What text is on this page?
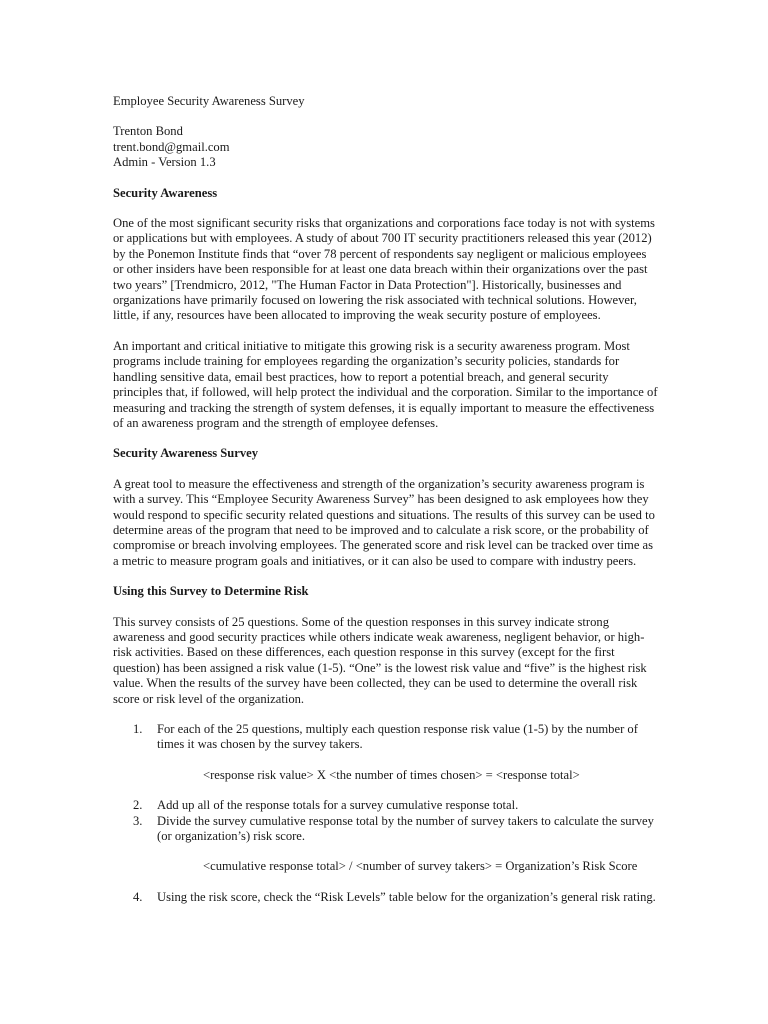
Employee Security Awareness Survey

Trenton Bond
trent.bond@gmail.com
Admin - Version 1.3

Security Awareness

One of the most significant security risks that organizations and corporations face today is not with systems or applications but with employees. A study of about 700 IT security practitioners released this year (2012) by the Ponemon Institute finds that “over 78 percent of respondents say negligent or malicious employees or other insiders have been responsible for at least one data breach within their organizations over the past two years” [Trendmicro, 2012, "The Human Factor in Data Protection"]. Historically, businesses and organizations have primarily focused on lowering the risk associated with technical solutions. However, little, if any, resources have been allocated to improving the weak security posture of employees.

An important and critical initiative to mitigate this growing risk is a security awareness program. Most programs include training for employees regarding the organization’s security policies, standards for handling sensitive data, email best practices, how to report a potential breach, and general security principles that, if followed, will help protect the individual and the corporation. Similar to the importance of measuring and tracking the strength of system defenses, it is equally important to measure the effectiveness of an awareness program and the strength of employee defenses.

Security Awareness Survey

A great tool to measure the effectiveness and strength of the organization’s security awareness program is with a survey. This “Employee Security Awareness Survey” has been designed to ask employees how they would respond to specific security related questions and situations. The results of this survey can be used to determine areas of the program that need to be improved and to calculate a risk score, or the probability of compromise or breach involving employees. The generated score and risk level can be tracked over time as a metric to measure program goals and initiatives, or it can also be used to compare with industry peers.

Using this Survey to Determine Risk

This survey consists of 25 questions. Some of the question responses in this survey indicate strong awareness and good security practices while others indicate weak awareness, negligent behavior, or high-risk activities. Based on these differences, each question response in this survey (except for the first question) has been assigned a risk value (1-5). “One” is the lowest risk value and “five” is the highest risk value. When the results of the survey have been collected, they can be used to determine the overall risk score or risk level of the organization.

1. For each of the 25 questions, multiply each question response risk value (1-5) by the number of times it was chosen by the survey takers.

<response risk value> X <the number of times chosen> = <response total>

2. Add up all of the response totals for a survey cumulative response total.
3. Divide the survey cumulative response total by the number of survey takers to calculate the survey (or organization’s) risk score.

<cumulative response total> / <number of survey takers> = Organization’s Risk Score

4. Using the risk score, check the “Risk Levels” table below for the organization’s general risk rating.
